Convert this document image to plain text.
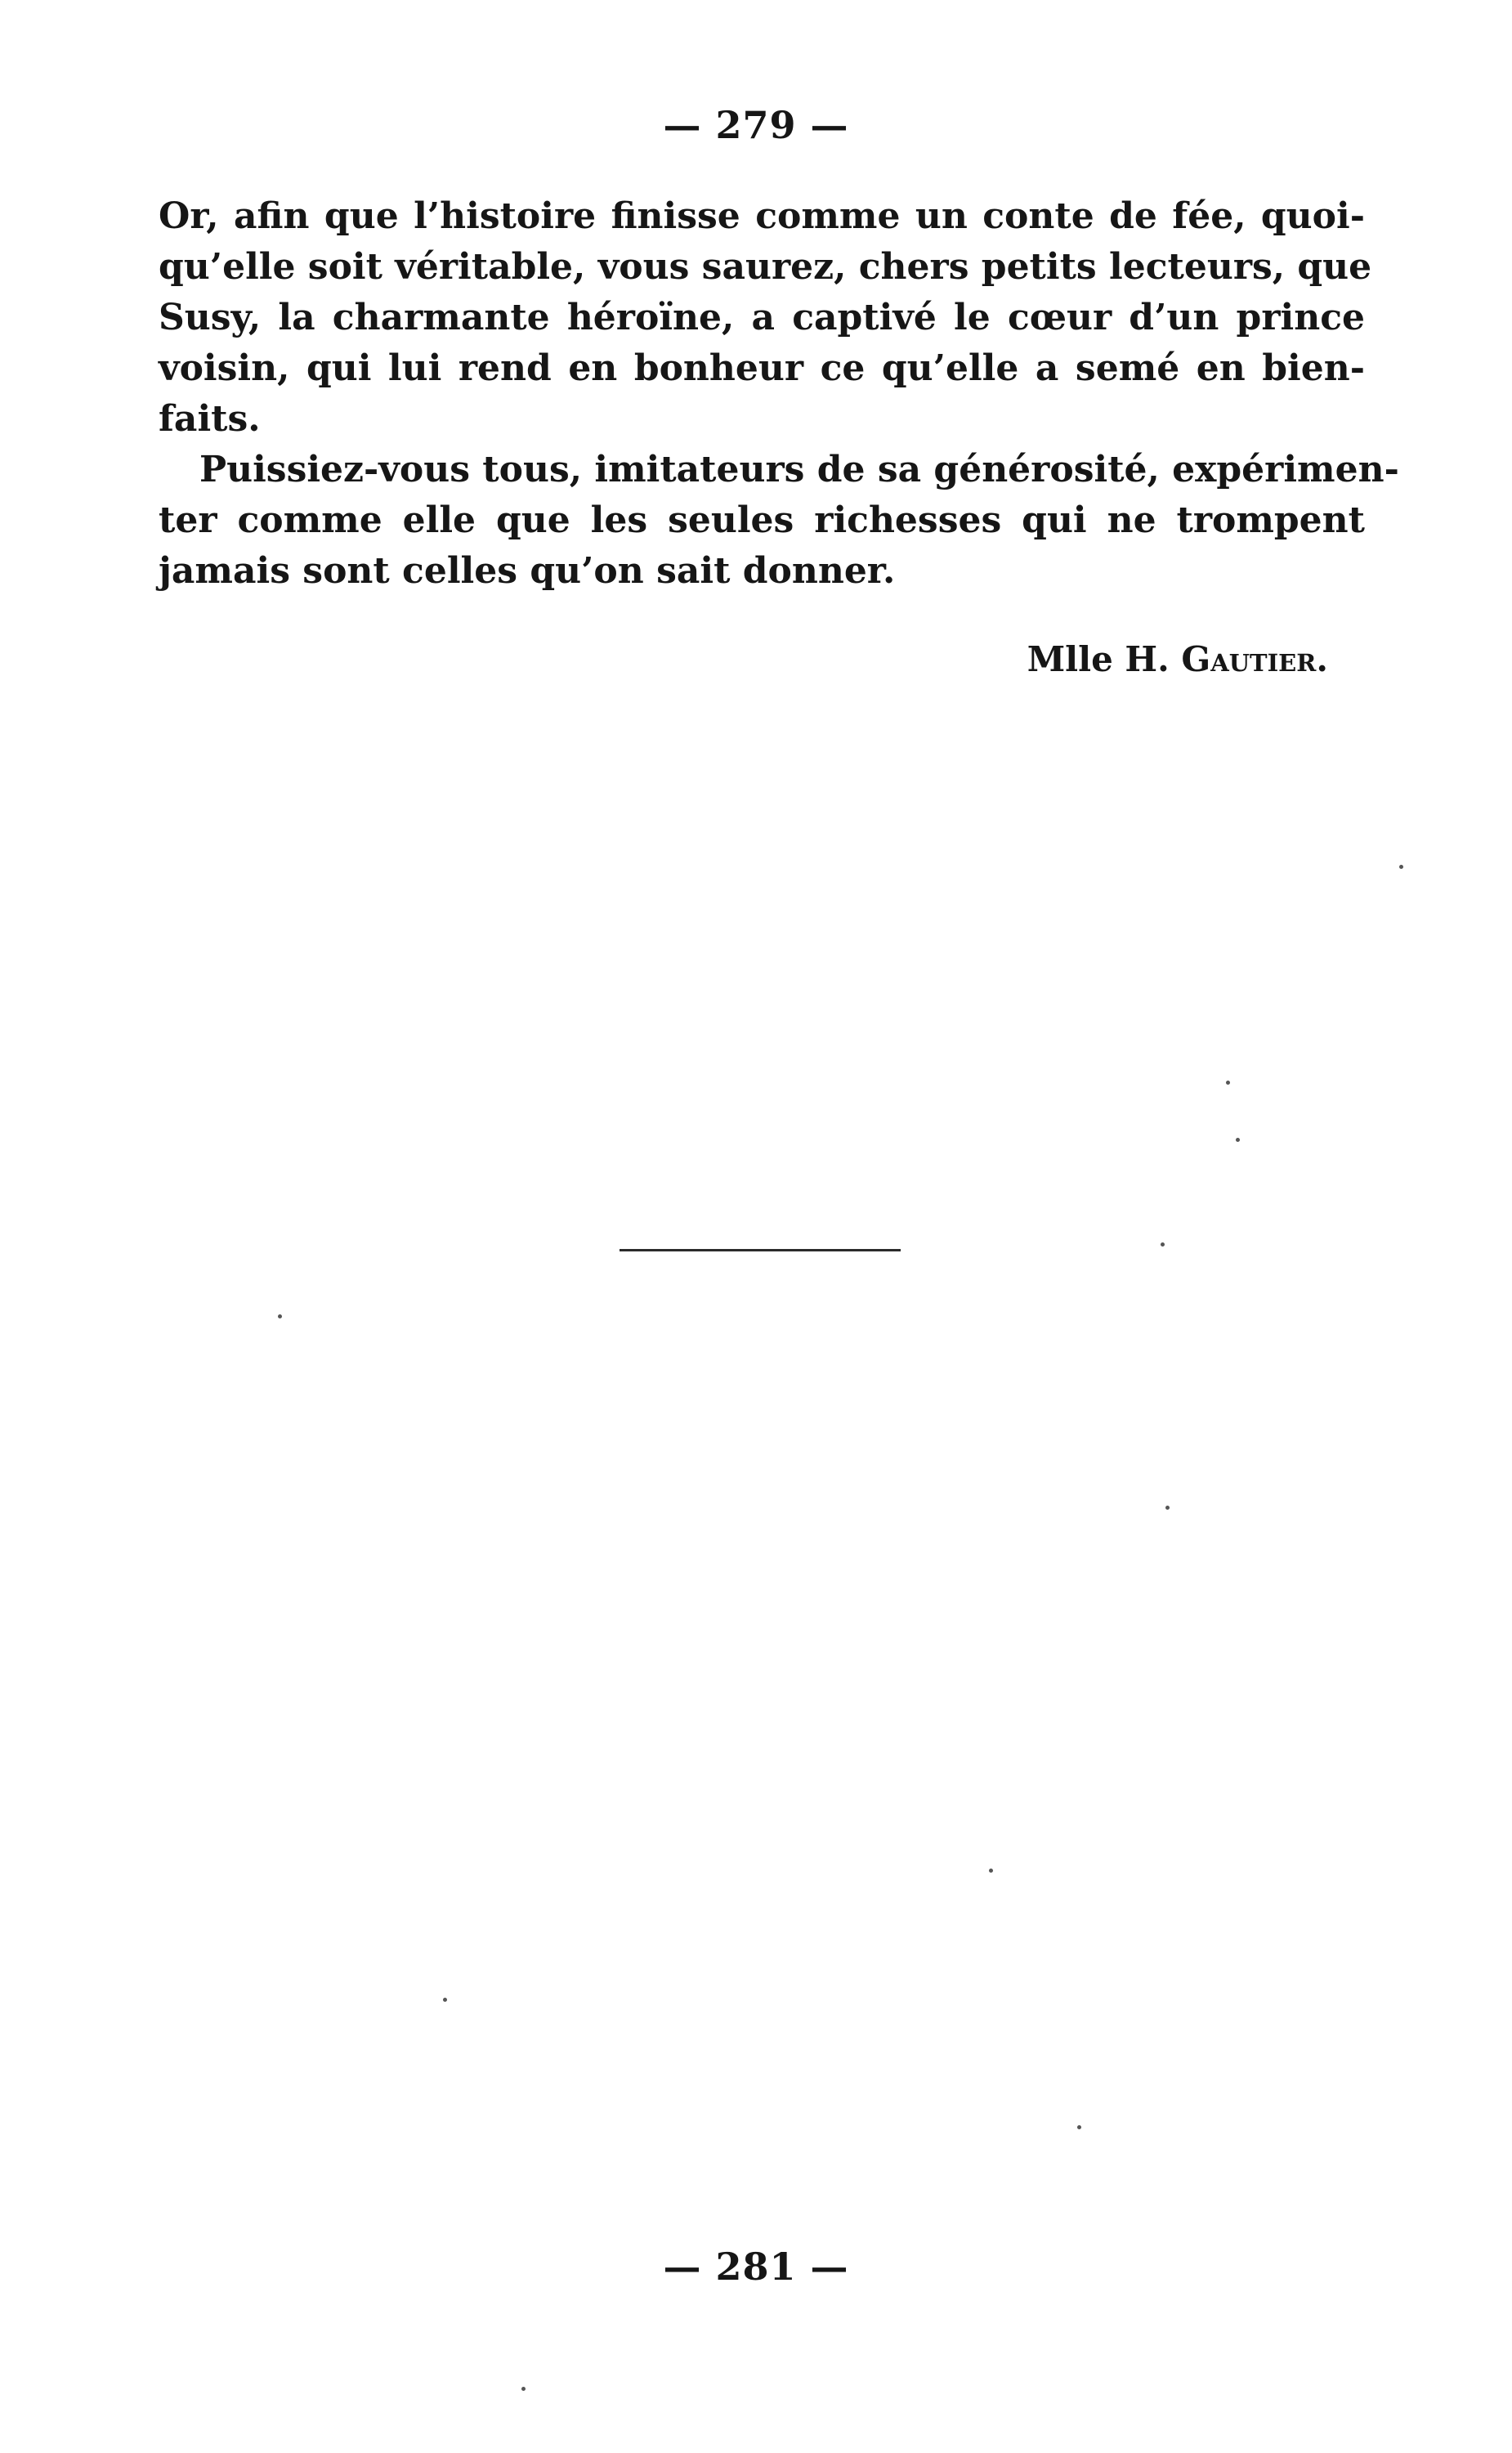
— 279 —
Or, afin que l’histoire finisse comme un conte de fée, quoi-
qu’elle soit véritable, vous saurez, chers petits lecteurs, que
Susy, la charmante héroïne, a captivé le cœur d’un prince
voisin, qui lui rend en bonheur ce qu’elle a semé en bien-
faits.
Puissiez-vous tous, imitateurs de sa générosité, expérimen-
ter comme elle que les seules richesses qui ne trompent
jamais sont celles qu’on sait donner.
Mlle H. Gautier.
— 281 —
